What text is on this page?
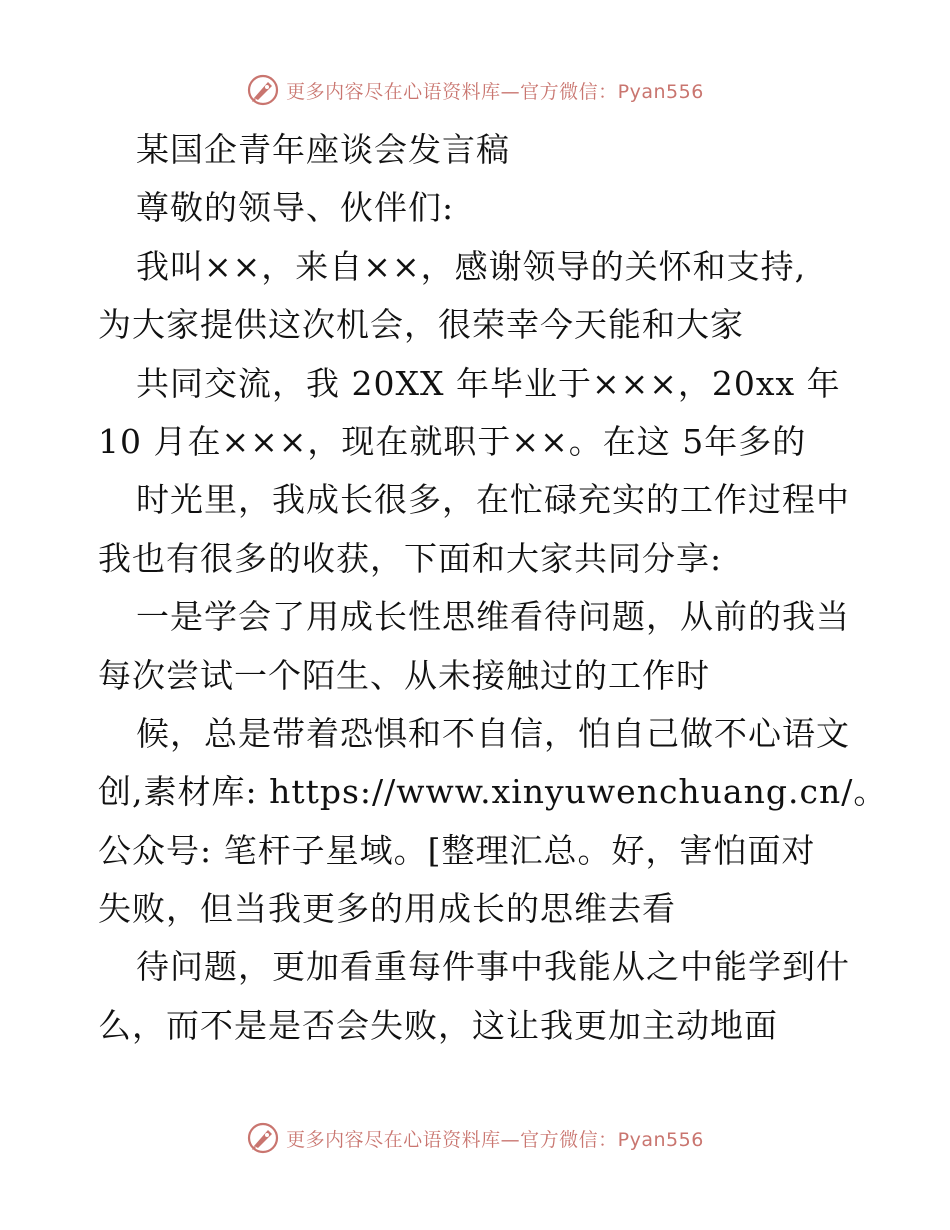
更多内容尽在心语资料库—官方微信：Pyan556
某国企青年座谈会发言稿
尊敬的领导、伙伴们:
我叫××，来自××，感谢领导的关怀和支持,
为大家提供这次机会，很荣幸今天能和大家
共同交流，我 20XX 年毕业于×××，20xx 年
10 月在×××，现在就职于××。在这 5年多的
时光里，我成长很多，在忙碌充实的工作过程中
我也有很多的收获，下面和大家共同分享:
一是学会了用成长性思维看待问题，从前的我当
每次尝试一个陌生、从未接触过的工作时
候，总是带着恐惧和不自信，怕自己做不心语文
创,素材库: https://www.xinyuwenchuang.cn/。
公众号: 笔杆子星域。[整理汇总。好，害怕面对
失败，但当我更多的用成长的思维去看
待问题，更加看重每件事中我能从之中能学到什
么，而不是是否会失败，这让我更加主动地面
更多内容尽在心语资料库—官方微信：Pyan556
